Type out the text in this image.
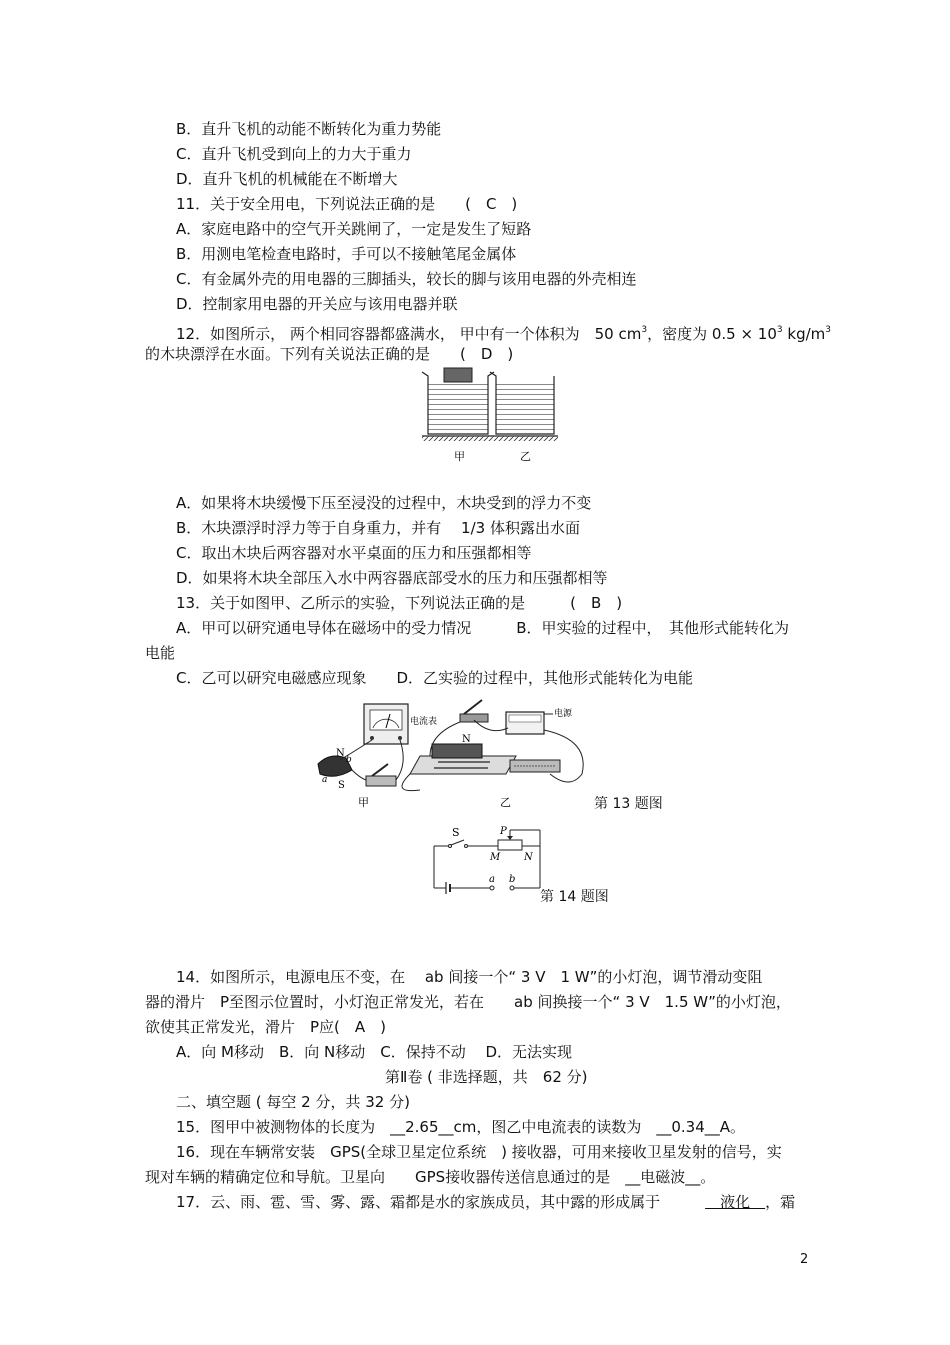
B．直升飞机的动能不断转化为重力势能
C．直升飞机受到向上的力大于重力
D．直升飞机的机械能在不断增大
11．关于安全用电，下列说法正确的是　　(　C　)
A．家庭电路中的空气开关跳闸了，一定是发生了短路
B．用测电笔检查电路时，手可以不接触笔尾金属体
C．有金属外壳的用电器的三脚插头，较长的脚与该用电器的外壳相连
D．控制家用电器的开关应与该用电器并联
12．如图所示， 两个相同容器都盛满水， 甲中有一个体积为　50 $cm^3$，密度为 $0.5 \times 10^3$ $kg/m^3$
的木块漂浮在水面。下列有关说法正确的是　　(　D　)
甲	乙
A．如果将木块缓慢下压至浸没的过程中，木块受到的浮力不变
B．木块漂浮时浮力等于自身重力，并有　 1/3 体积露出水面
C．取出木块后两容器对水平桌面的压力和压强都相等
D．如果将木块全部压入水中两容器底部受水的压力和压强都相等
13．关于如图甲、乙所示的实验，下列说法正确的是　　　(　B　)
A．甲可以研究通电导体在磁场中的受力情况　　　B．甲实验的过程中，　其他形式能转化为
电能
C．乙可以研究电磁感应现象　　D．乙实验的过程中，其他形式能转化为电能
电流表
N
S
b
a
甲
电源
N
乙	第 13 题图
S	P
M N
a b
第 14 题图
14．如图所示，电源电压不变，在　 ab 间接一个“ 3 V　1 W”的小灯泡，调节滑动变阻
器的滑片　P至图示位置时，小灯泡正常发光，若在　　ab 间换接一个“ 3 V　1.5 W”的小灯泡，
欲使其正常发光，滑片　P应(　A　)
A．向 M移动　B．向 N移动　C．保持不动　 D．无法实现
第Ⅱ卷 ( 非选择题，共　62 分)
二、填空题 ( 每空 2 分，共 32 分)
15．图甲中被测物体的长度为　__2.65__cm，图乙中电流表的读数为　__0.34__A。
16．现在车辆常安装　GPS(全球卫星定位系统　) 接收器，可用来接收卫星发射的信号，实
现对车辆的精确定位和导航。卫星向　　GPS接收器传送信息通过的是　__电磁波__。
17．云、雨、雹、雪、雾、露、霜都是水的家族成员，其中露的形成属于　　　　液化　，霜
2
